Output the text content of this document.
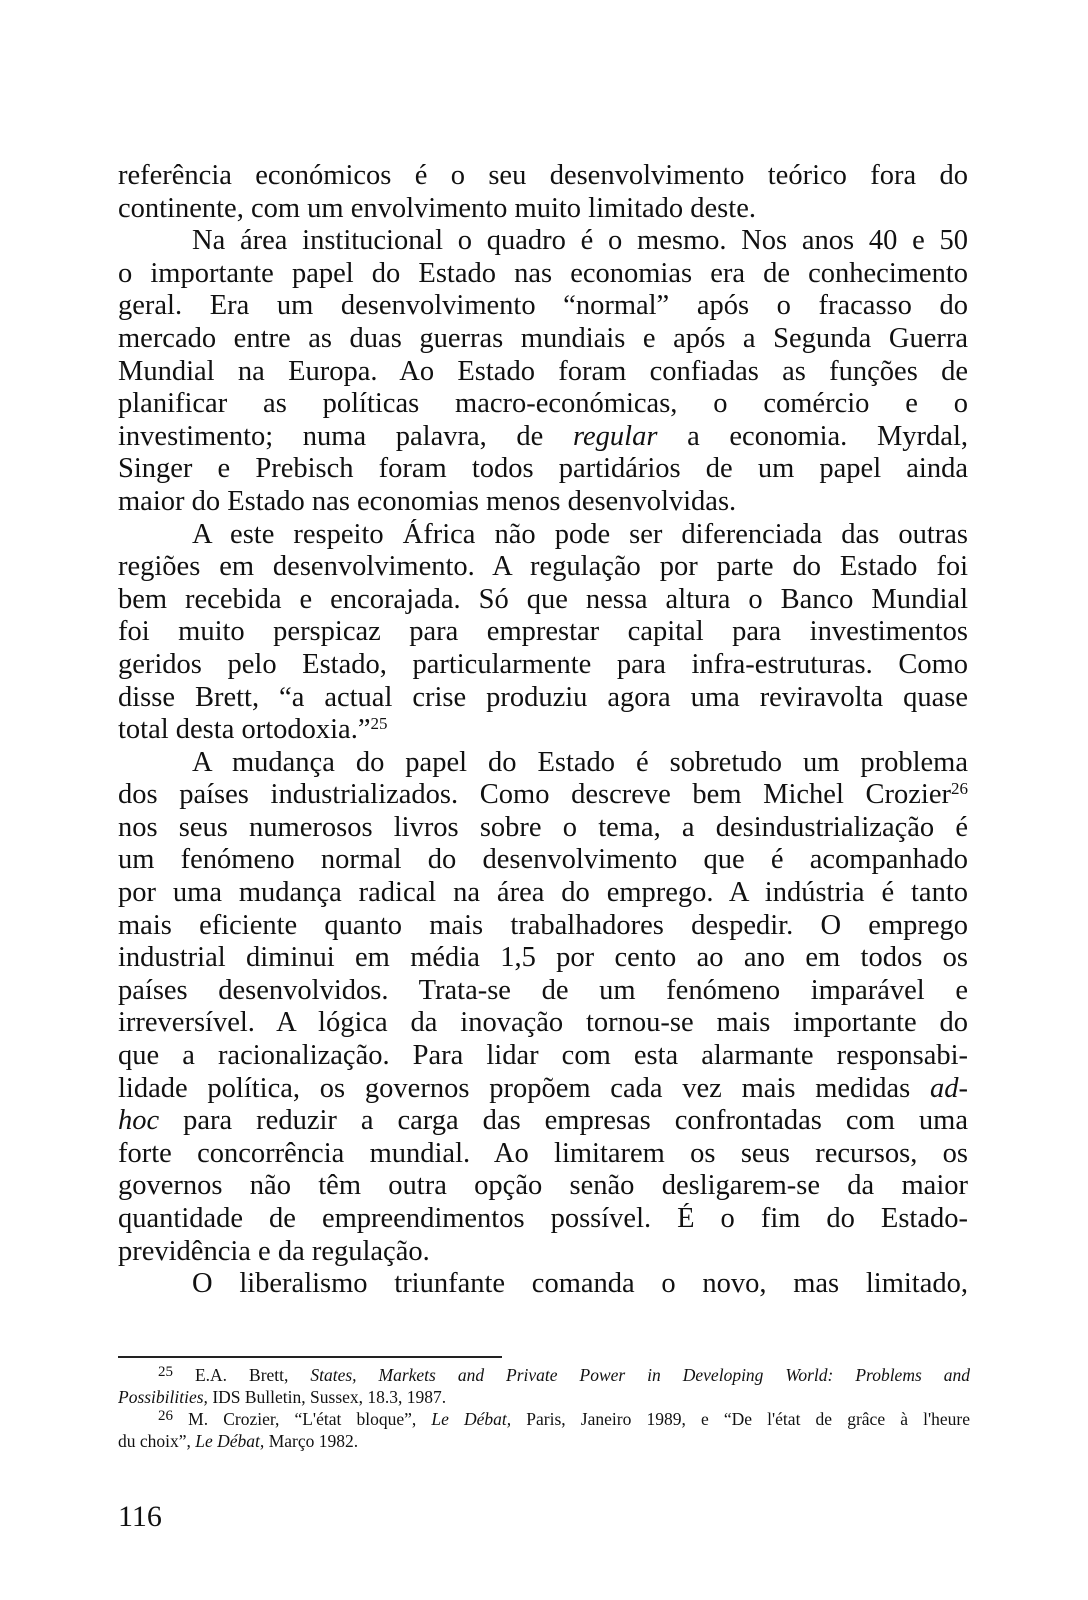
referência económicos é o seu desenvolvimento teórico fora do
continente, com um envolvimento muito limitado deste.
Na área institucional o quadro é o mesmo. Nos anos 40 e 50
o importante papel do Estado nas economias era de conhecimento
geral. Era um desenvolvimento “normal” após o fracasso do
mercado entre as duas guerras mundiais e após a Segunda Guerra
Mundial na Europa. Ao Estado foram confiadas as funções de
planificar as políticas macro-económicas, o comércio e o
investimento; numa palavra, de regular a economia. Myrdal,
Singer e Prebisch foram todos partidários de um papel ainda
maior do Estado nas economias menos desenvolvidas.
A este respeito África não pode ser diferenciada das outras
regiões em desenvolvimento. A regulação por parte do Estado foi
bem recebida e encorajada. Só que nessa altura o Banco Mundial
foi muito perspicaz para emprestar capital para investimentos
geridos pelo Estado, particularmente para infra-estruturas. Como
disse Brett, “a actual crise produziu agora uma reviravolta quase
total desta ortodoxia.”$^{25}$
A mudança do papel do Estado é sobretudo um problema
dos países industrializados. Como descreve bem Michel Crozier$^{26}$
nos seus numerosos livros sobre o tema, a desindustrialização é
um fenómeno normal do desenvolvimento que é acompanhado
por uma mudança radical na área do emprego. A indústria é tanto
mais eficiente quanto mais trabalhadores despedir. O emprego
industrial diminui em média 1,5 por cento ao ano em todos os
países desenvolvidos. Trata-se de um fenómeno imparável e
irreversível. A lógica da inovação tornou-se mais importante do
que a racionalização. Para lidar com esta alarmante responsabi-
lidade política, os governos propõem cada vez mais medidas ad-
hoc para reduzir a carga das empresas confrontadas com uma
forte concorrência mundial. Ao limitarem os seus recursos, os
governos não têm outra opção senão desligarem-se da maior
quantidade de empreendimentos possível. É o fim do Estado-
previdência e da regulação.
O liberalismo triunfante comanda o novo, mas limitado,
$^{25}$ E.A. Brett, States, Markets and Private Power in Developing World: Problems and
Possibilities, IDS Bulletin, Sussex, 18.3, 1987.
$^{26}$ M. Crozier, “L'état bloque”, Le Débat, Paris, Janeiro 1989, e “De l'état de grâce à l'heure
du choix”, Le Débat, Março 1982.
116
